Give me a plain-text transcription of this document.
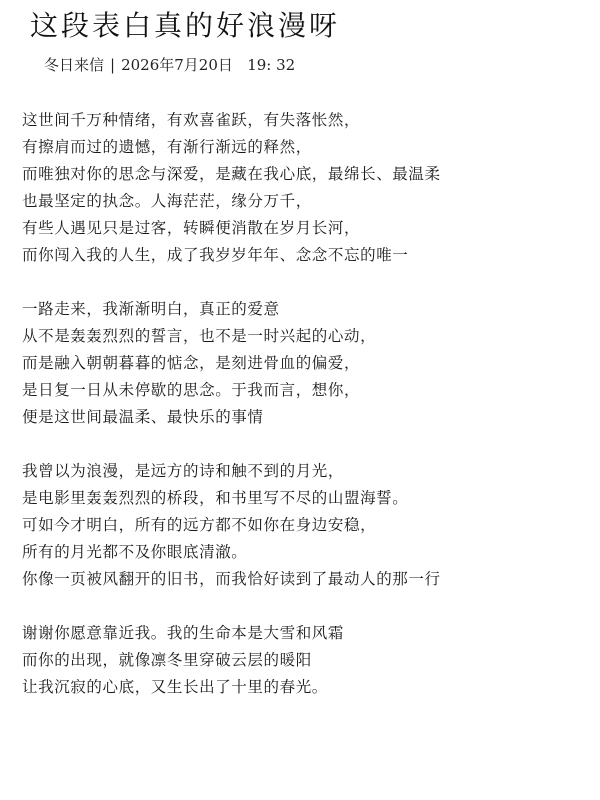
这段表白真的好浪漫呀
冬日来信 | 2026年7月20日 19: 32
这世间千万种情绪，有欢喜雀跃，有失落怅然，
有擦肩而过的遗憾，有渐行渐远的释然，
而唯独对你的思念与深爱，是藏在我心底，最绵长、最温柔
也最坚定的执念。人海茫茫，缘分万千，
有些人遇见只是过客，转瞬便消散在岁月长河，
而你闯入我的人生，成了我岁岁年年、念念不忘的唯一
一路走来，我渐渐明白，真正的爱意
从不是轰轰烈烈的誓言，也不是一时兴起的心动，
而是融入朝朝暮暮的惦念，是刻进骨血的偏爱，
是日复一日从未停歇的思念。于我而言，想你，
便是这世间最温柔、最快乐的事情
我曾以为浪漫，是远方的诗和触不到的月光，
是电影里轰轰烈烈的桥段，和书里写不尽的山盟海誓。
可如今才明白，所有的远方都不如你在身边安稳，
所有的月光都不及你眼底清澈。
你像一页被风翻开的旧书，而我恰好读到了最动人的那一行
谢谢你愿意靠近我。我的生命本是大雪和风霜
而你的出现，就像凛冬里穿破云层的暖阳
让我沉寂的心底，又生长出了十里的春光。
